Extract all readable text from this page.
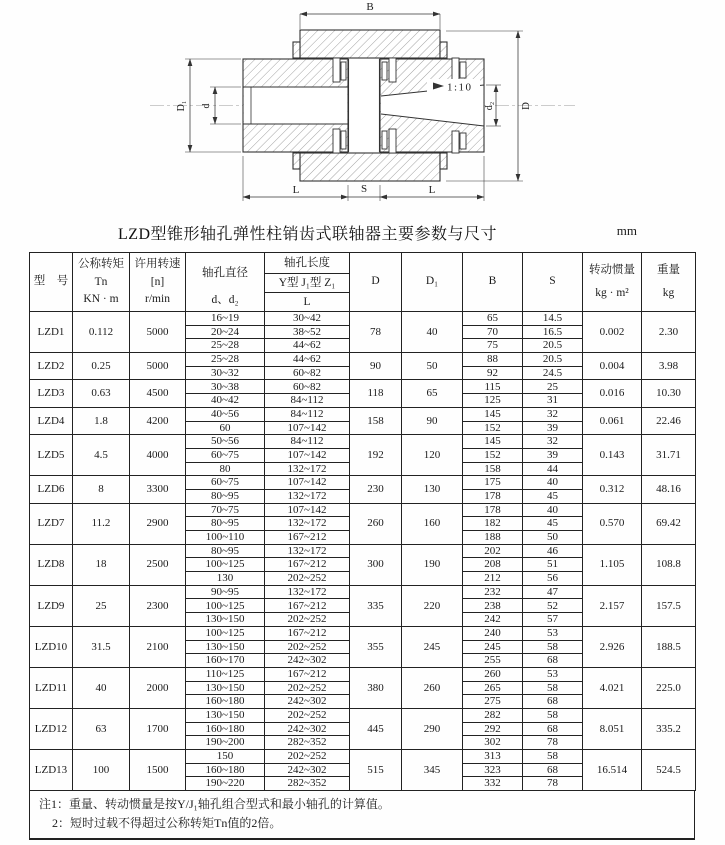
1:10
B
D
d₂
D₁ d
L	S	L
LZD型锥形轴孔弹性柱销齿式联轴器主要参数与尺寸	mm
型　号	
公称转矩
Tn
KN · m

许用转速
[n]
r/min

轴孔直径
d、d₂

轴孔长度
Y型 J₁型 Z₁
L
	D	D₁	B	S	
转动惯量
kg · m²

重量
kg

LZD1	0.112	5000	16~19	30~42	78	40	65	14.5	0.002	2.30
			20~24	38~52			70	16.5		
			25~28	44~62			75	20.5		
LZD2	0.25	5000	25~28	44~62	90	50	88	20.5	0.004	3.98
			30~32	60~82			92	24.5		
LZD3	0.63	4500	30~38	60~82	118	65	115	25	0.016	10.30
			40~42	84~112			125	31		
LZD4	1.8	4200	40~56	84~112	158	90	145	32	0.061	22.46
			60	107~142			152	39		
LZD5	4.5	4000	50~56	84~112	192	120	145	32	0.143	31.71
			60~75	107~142			152	39		
			80	132~172			158	44		
LZD6	8	3300	60~75	107~142	230	130	175	40	0.312	48.16
			80~95	132~172			178	45		
LZD7	11.2	2900	70~75	107~142	260	160	178	40	0.570	69.42
			80~95	132~172			182	45		
			100~110	167~212			188	50		
LZD8	18	2500	80~95	132~172	300	190	202	46	1.105	108.8
			100~125	167~212			208	51		
			130	202~252			212	56		
LZD9	25	2300	90~95	132~172	335	220	232	47	2.157	157.5
			100~125	167~212			238	52		
			130~150	202~252			242	57		
LZD10	31.5	2100	100~125	167~212	355	245	240	53	2.926	188.5
			130~150	202~252			245	58		
			160~170	242~302			255	68		
LZD11	40	2000	110~125	167~212	380	260	260	53	4.021	225.0
			130~150	202~252			265	58		
			160~180	242~302			275	68		
LZD12	63	1700	130~150	202~252	445	290	282	58	8.051	335.2
			160~180	242~302			292	68		
			190~200	282~352			302	78		
LZD13	100	1500	150	202~252	515	345	313	58	16.514	524.5
			160~180	242~302			323	68		
			190~220	282~352			332	78		
注1：重量、转动惯量是按Y/J₁轴孔组合型式和最小轴孔的计算值。
2：短时过载不得超过公称转矩Tn值的2倍。
